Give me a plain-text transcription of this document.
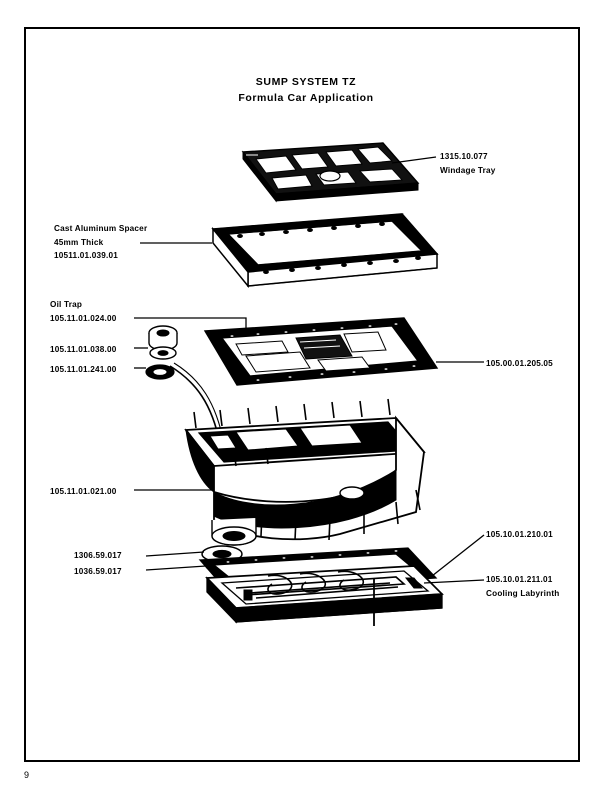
SUMP SYSTEM TZ
Formula Car Application
1315.10.077
Windage Tray
Cast Aluminum Spacer
45mm Thick
10511.01.039.01
Oil Trap
105.11.01.024.00
105.11.01.038.00
105.11.01.241.00
105.00.01.205.05
105.11.01.021.00
105.10.01.210.01
1306.59.017
1036.59.017
105.10.01.211.01
Cooling Labyrinth
9
